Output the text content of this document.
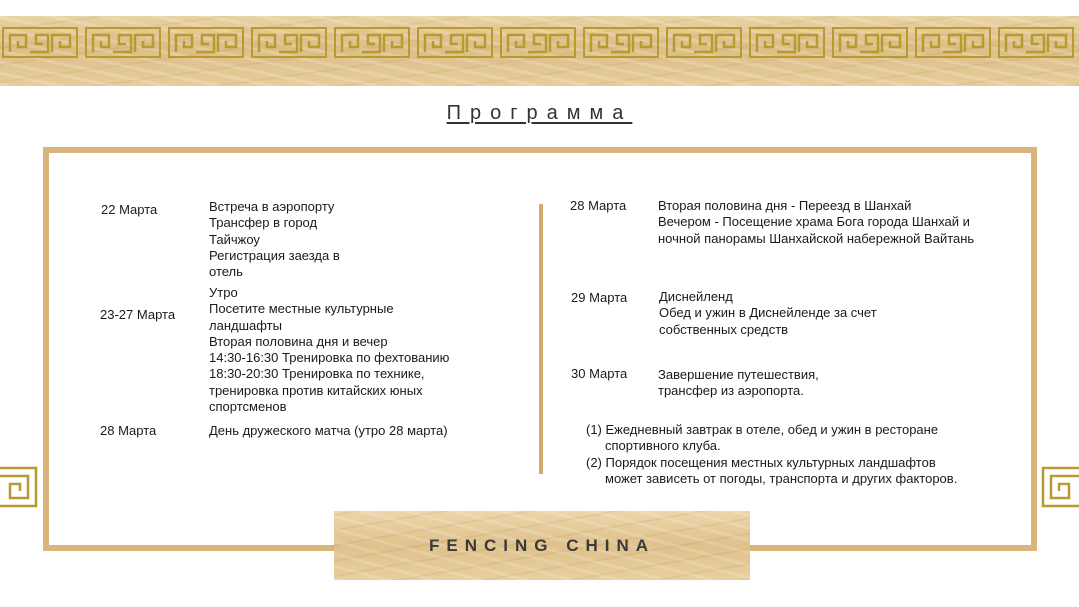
Программа
22 Марта	Встреча в аэропорту
Трансфер в город
Тайчжоу
Регистрация заезда в
отель
23-27 Марта
Утро
Посетите местные культурные
ландшафты
Вторая половина дня и вечер
14:30-16:30 Тренировка по фехтованию
18:30-20:30 Тренировка по технике,
тренировка против китайских юных
спортсменов
28 Марта	День дружеского матча (утро 28 марта)
28 Марта Вторая половина дня - Переезд в Шанхай
Вечером - Посещение храма Бога города Шанхай и
ночной панорамы Шанхайской набережной Вайтань
29 Марта Диснейленд
Обед и ужин в Диснейленде за счет
собственных средств
30 Марта Завершение путешествия,
трансфер из аэропорта.
(1) Ежедневный завтрак в отеле, обед и ужин в ресторане
спортивного клуба.
(2) Порядок посещения местных культурных ландшафтов
может зависеть от погоды, транспорта и других факторов.
FENCING CHINA
